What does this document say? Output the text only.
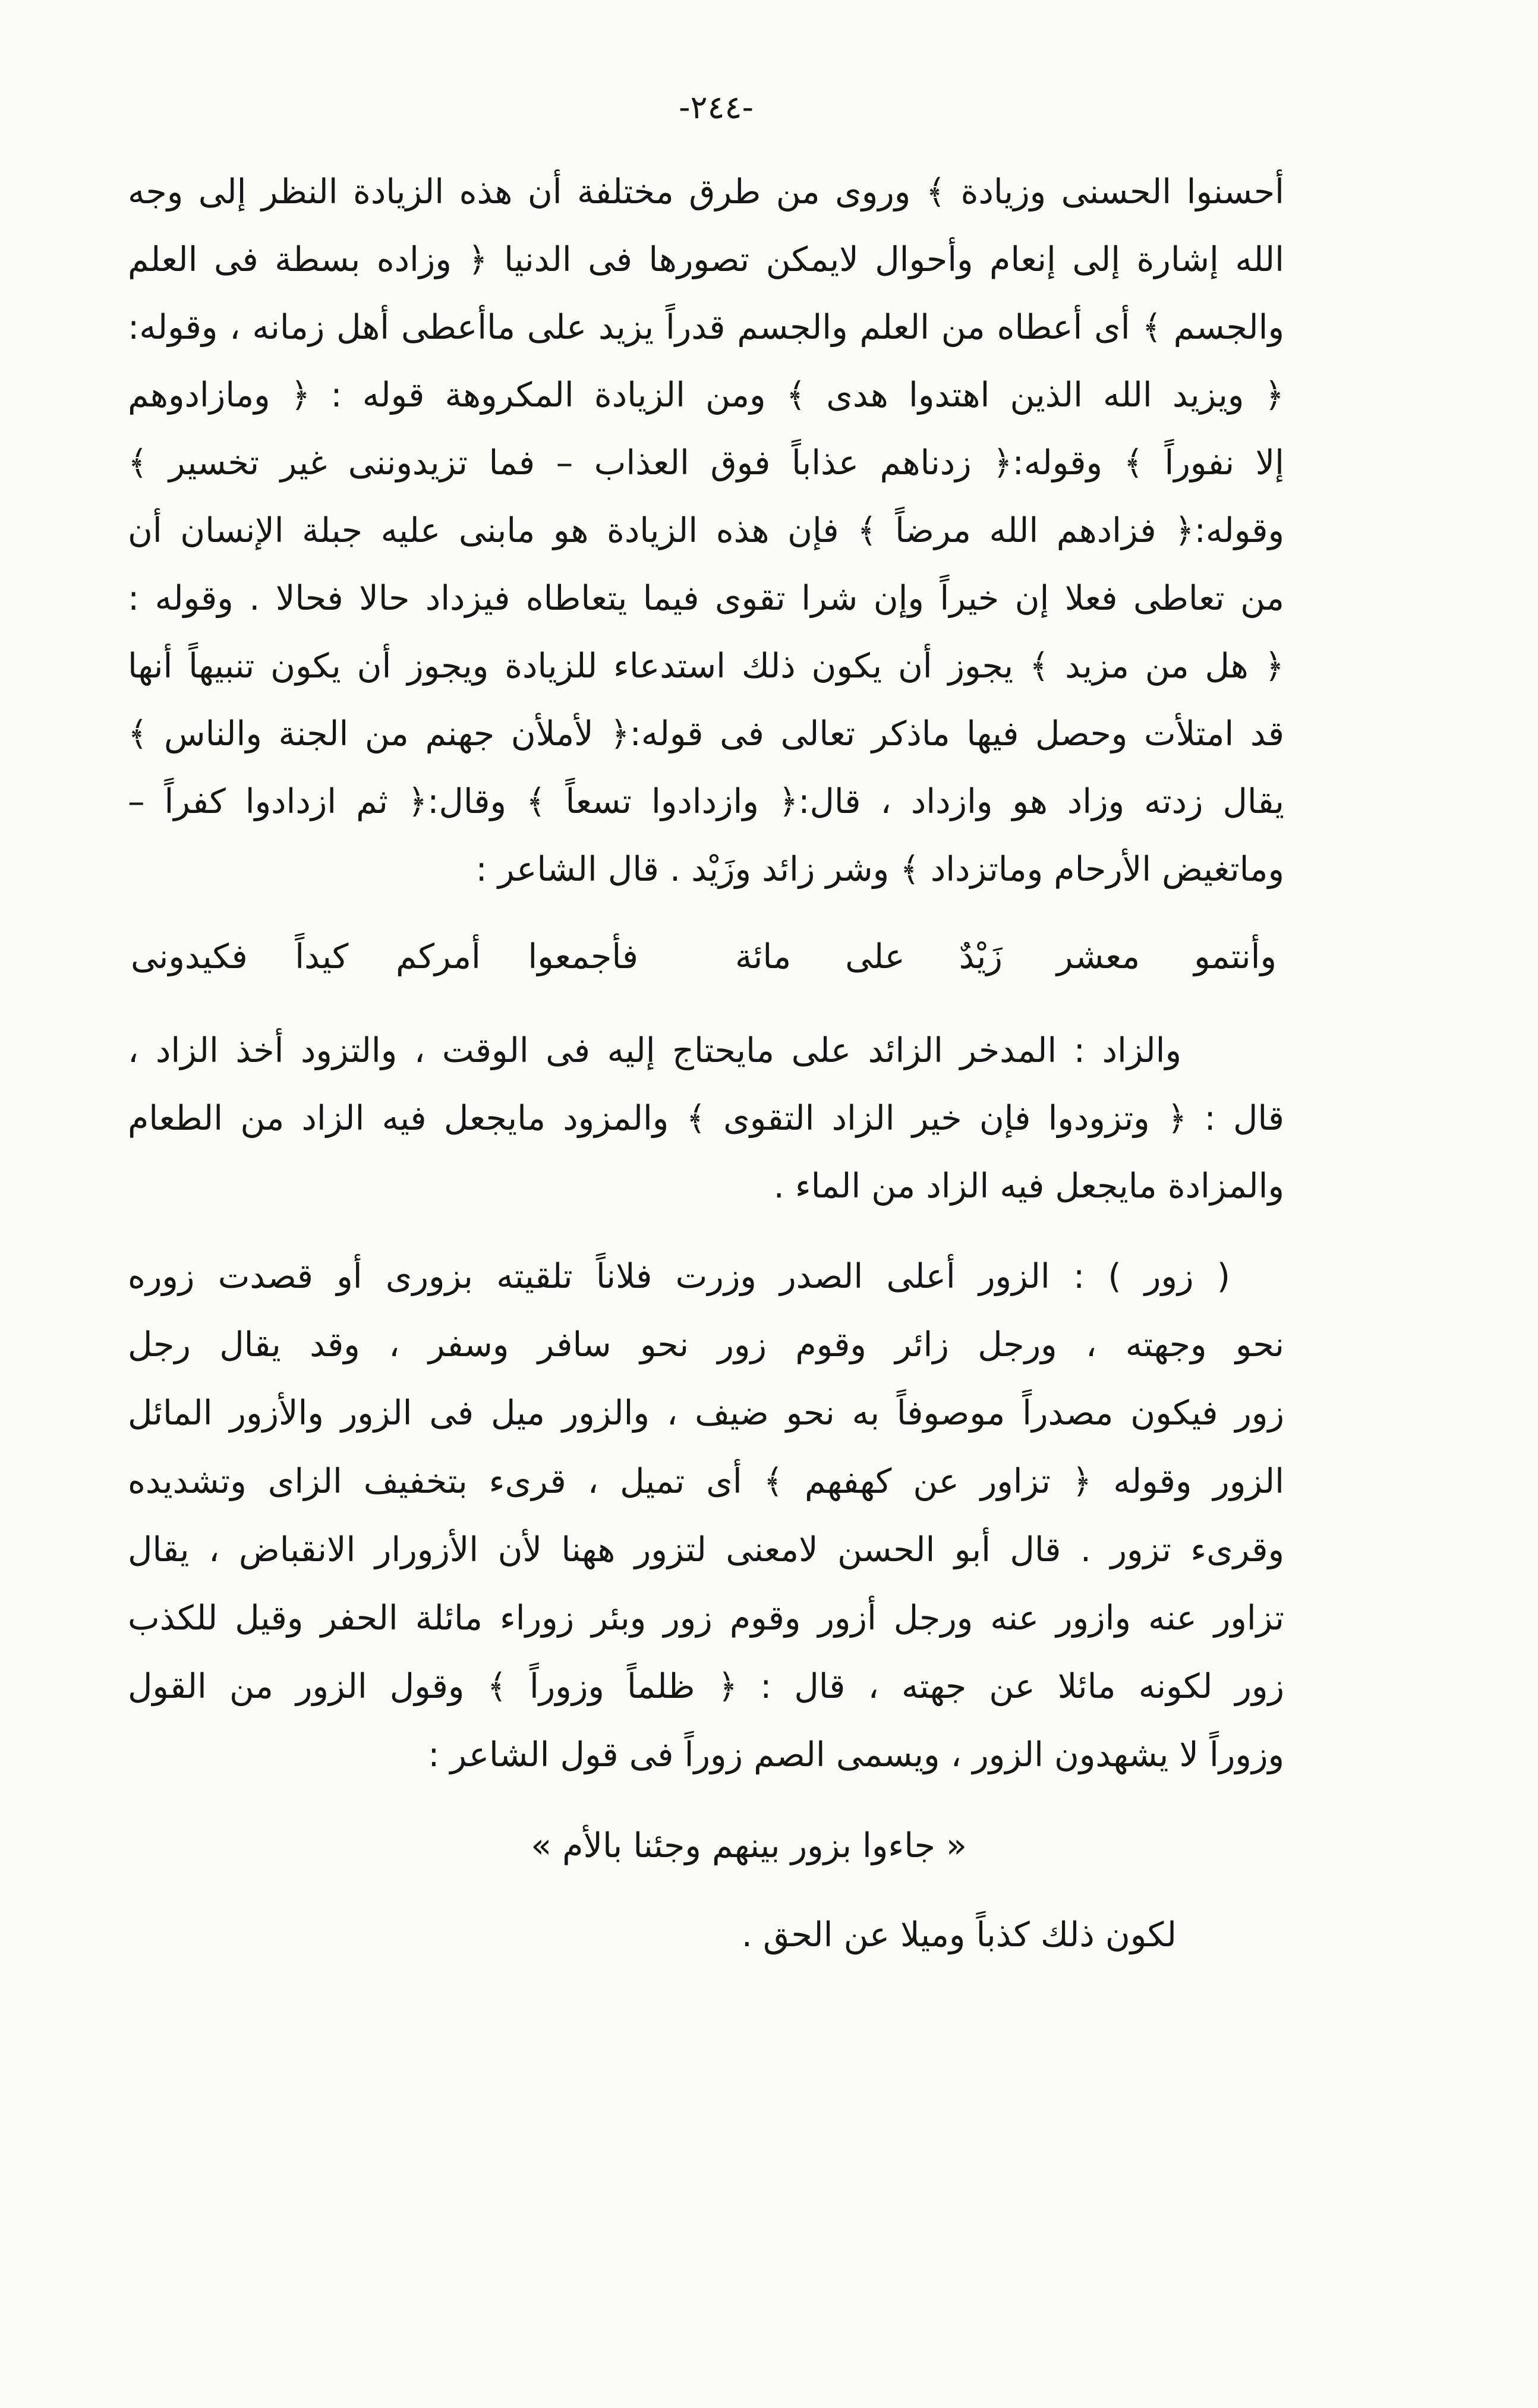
-٢٤٤-
أحسنوا الحسنى وزيادة ﴾ وروى من طرق مختلفة أن هذه الزيادة النظر إلى وجه
الله إشارة إلى إنعام وأحوال لايمكن تصورها فى الدنيا ﴿ وزاده بسطة فى العلم
والجسم ﴾ أى أعطاه من العلم والجسم قدراً يزيد على ماأعطى أهل زمانه ، وقوله:
﴿ ويزيد الله الذين اهتدوا هدى ﴾ ومن الزيادة المكروهة قوله : ﴿ ومازادوهم
إلا نفوراً ﴾ وقوله:﴿ زدناهم عذاباً فوق العذاب – فما تزيدوننى غير تخسير ﴾
وقوله:﴿ فزادهم الله مرضاً ﴾ فإن هذه الزيادة هو مابنى عليه جبلة الإنسان أن
من تعاطى فعلا إن خيراً وإن شرا تقوى فيما يتعاطاه فيزداد حالا فحالا . وقوله :
﴿ هل من مزيد ﴾ يجوز أن يكون ذلك استدعاء للزيادة ويجوز أن يكون تنبيهاً أنها
قد امتلأت وحصل فيها ماذكر تعالى فى قوله:﴿ لأملأن جهنم من الجنة والناس ﴾
يقال زدته وزاد هو وازداد ، قال:﴿ وازدادوا تسعاً ﴾ وقال:﴿ ثم ازدادوا كفراً –
وماتغيض الأرحام وماتزداد ﴾ وشر زائد وزَيْد . قال الشاعر :
وأنتمو معشر زَيْدٌ على مائة
فأجمعوا أمركم كيداً فكيدونى
والزاد : المدخر الزائد على مايحتاج إليه فى الوقت ، والتزود أخذ الزاد ،
قال : ﴿ وتزودوا فإن خير الزاد التقوى ﴾ والمزود مايجعل فيه الزاد من الطعام
والمزادة مايجعل فيه الزاد من الماء .
( زور ) : الزور أعلى الصدر وزرت فلاناً تلقيته بزورى أو قصدت زوره
نحو وجهته ، ورجل زائر وقوم زور نحو سافر وسفر ، وقد يقال رجل
زور فيكون مصدراً موصوفاً به نحو ضيف ، والزور ميل فى الزور والأزور المائل
الزور وقوله ﴿ تزاور عن كهفهم ﴾ أى تميل ، قرىء بتخفيف الزاى وتشديده
وقرىء تزور . قال أبو الحسن لامعنى لتزور ههنا لأن الأزورار الانقباض ، يقال
تزاور عنه وازور عنه ورجل أزور وقوم زور وبئر زوراء مائلة الحفر وقيل للكذب
زور لكونه مائلا عن جهته ، قال : ﴿ ظلماً وزوراً ﴾ وقول الزور من القول
وزوراً لا يشهدون الزور ، ويسمى الصم زوراً فى قول الشاعر :
« جاءوا بزور بينهم وجئنا بالأم »
لكون ذلك كذباً وميلا عن الحق .
